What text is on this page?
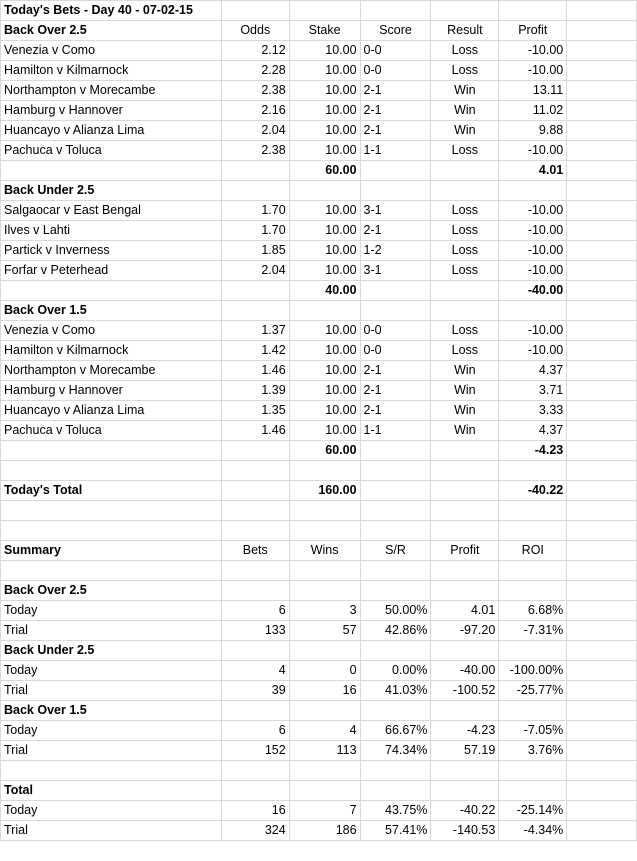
Today's Bets - Day 40 - 07-02-15						
Back Over 2.5	Odds	Stake	Score	Result	Profit	
Venezia v Como	2.12	10.00	0-0	Loss	-10.00	
Hamilton v Kilmarnock	2.28	10.00	0-0	Loss	-10.00	
Northampton v Morecambe	2.38	10.00	2-1	Win	13.11	
Hamburg v Hannover	2.16	10.00	2-1	Win	11.02	
Huancayo v Alianza Lima	2.04	10.00	2-1	Win	9.88	
Pachuca v Toluca	2.38	10.00	1-1	Loss	-10.00	
		60.00			4.01	
Back Under 2.5						
Salgaocar v East Bengal	1.70	10.00	3-1	Loss	-10.00	
Ilves v Lahti	1.70	10.00	2-1	Loss	-10.00	
Partick v Inverness	1.85	10.00	1-2	Loss	-10.00	
Forfar v Peterhead	2.04	10.00	3-1	Loss	-10.00	
		40.00			-40.00	
Back Over 1.5						
Venezia v Como	1.37	10.00	0-0	Loss	-10.00	
Hamilton v Kilmarnock	1.42	10.00	0-0	Loss	-10.00	
Northampton v Morecambe	1.46	10.00	2-1	Win	4.37	
Hamburg v Hannover	1.39	10.00	2-1	Win	3.71	
Huancayo v Alianza Lima	1.35	10.00	2-1	Win	3.33	
Pachuca v Toluca	1.46	10.00	1-1	Win	4.37	
		60.00			-4.23	

Today's Total		160.00			-40.22	

Summary	Bets	Wins	S/R	Profit	ROI	

Back Over 2.5						
Today	6	3	50.00%	4.01	6.68%	
Trial	133	57	42.86%	-97.20	-7.31%	
Back Under 2.5						
Today	4	0	0.00%	-40.00	-100.00%	
Trial	39	16	41.03%	-100.52	-25.77%	
Back Over 1.5						
Today	6	4	66.67%	-4.23	-7.05%	
Trial	152	113	74.34%	57.19	3.76%	

Total						
Today	16	7	43.75%	-40.22	-25.14%	
Trial	324	186	57.41%	-140.53	-4.34%	
